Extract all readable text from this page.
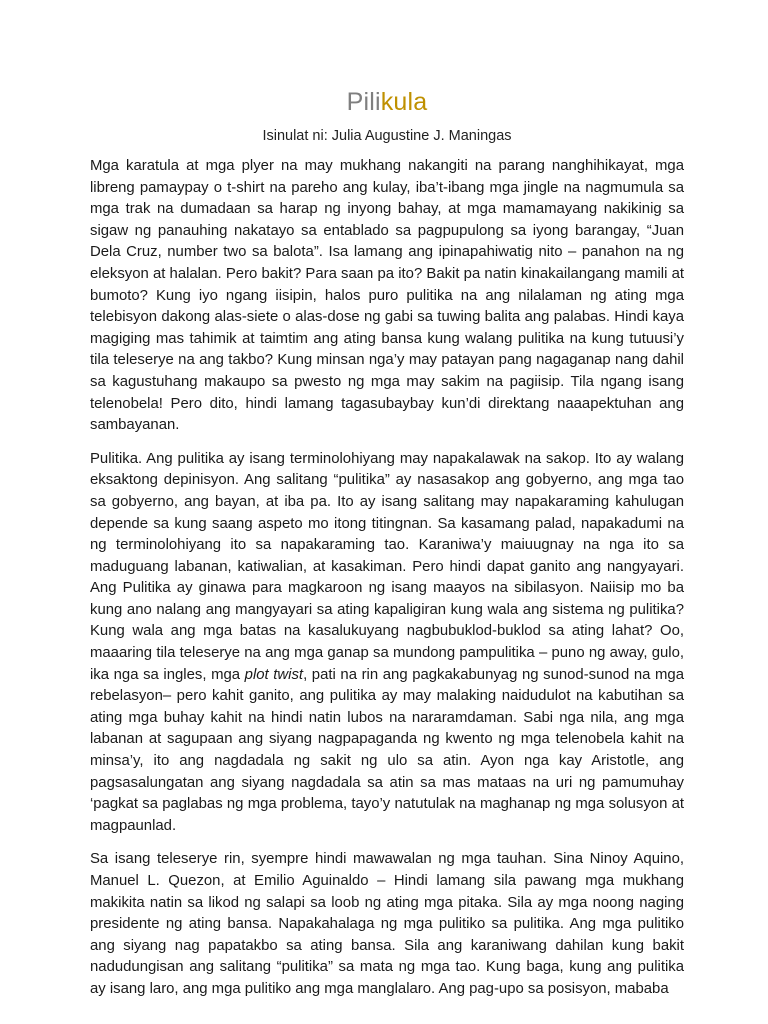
Pilikula

Isinulat ni: Julia Augustine J. Maningas

Mga karatula at mga plyer na may mukhang nakangiti na parang nanghihikayat, mga libreng pamaypay o t-shirt na pareho ang kulay, iba’t-ibang mga jingle na nagmumula sa mga trak na dumadaan sa harap ng inyong bahay, at mga mamamayang nakikinig sa sigaw ng panauhing nakatayo sa entablado sa pagpupulong sa iyong barangay, “Juan Dela Cruz, number two sa balota”. Isa lamang ang ipinapahiwatig nito – panahon na ng eleksyon at halalan. Pero bakit? Para saan pa ito? Bakit pa natin kinakailangang mamili at bumoto? Kung iyo ngang iisipin, halos puro pulitika na ang nilalaman ng ating mga telebisyon dakong alas-siete o alas-dose ng gabi sa tuwing balita ang palabas. Hindi kaya magiging mas tahimik at taimtim ang ating bansa kung walang pulitika na kung tutuusi’y tila teleserye na ang takbo? Kung minsan nga’y may patayan pang nagaganap nang dahil sa kagustuhang makaupo sa pwesto ng mga may sakim na pagiisip. Tila ngang isang telenobela! Pero dito, hindi lamang tagasubaybay kun’di direktang naaapektuhan ang sambayanan.

Pulitika. Ang pulitika ay isang terminolohiyang may napakalawak na sakop. Ito ay walang eksaktong depinisyon. Ang salitang “pulitika” ay nasasakop ang gobyerno, ang mga tao sa gobyerno, ang bayan, at iba pa. Ito ay isang salitang may napakaraming kahulugan depende sa kung saang aspeto mo itong titingnan. Sa kasamang palad, napakadumi na ng terminolohiyang ito sa napakaraming tao. Karaniwa’y maiuugnay na nga ito sa maduguang labanan, katiwalian, at kasakiman. Pero hindi dapat ganito ang nangyayari. Ang Pulitika ay ginawa para magkaroon ng isang maayos na sibilasyon. Naiisip mo ba kung ano nalang ang mangyayari sa ating kapaligiran kung wala ang sistema ng pulitika? Kung wala ang mga batas na kasalukuyang nagbubuklod-buklod sa ating lahat? Oo, maaaring tila teleserye na ang mga ganap sa mundong pampulitika – puno ng away, gulo, ika nga sa ingles, mga plot twist, pati na rin ang pagkakabunyag ng sunod-sunod na mga rebelasyon– pero kahit ganito, ang pulitika ay may malaking naidudulot na kabutihan sa ating mga buhay kahit na hindi natin lubos na nararamdaman. Sabi nga nila, ang mga labanan at sagupaan ang siyang nagpapaganda ng kwento ng mga telenobela kahit na minsa’y, ito ang nagdadala ng sakit ng ulo sa atin. Ayon nga kay Aristotle, ang pagsasalungatan ang siyang nagdadala sa atin sa mas mataas na uri ng pamumuhay ‘pagkat sa paglabas ng mga problema, tayo’y natutulak na maghanap ng mga solusyon at magpaunlad.

Sa isang teleserye rin, syempre hindi mawawalan ng mga tauhan. Sina Ninoy Aquino, Manuel L. Quezon, at Emilio Aguinaldo – Hindi lamang sila pawang mga mukhang makikita natin sa likod ng salapi sa loob ng ating mga pitaka. Sila ay mga noong naging presidente ng ating bansa. Napakahalaga ng mga pulitiko sa pulitika. Ang mga pulitiko ang siyang nag papatakbo sa ating bansa. Sila ang karaniwang dahilan kung bakit nadudungisan ang salitang “pulitika” sa mata ng mga tao. Kung baga, kung ang pulitika ay isang laro, ang mga pulitiko ang mga manglalaro. Ang pag-upo sa posisyon, mababa
